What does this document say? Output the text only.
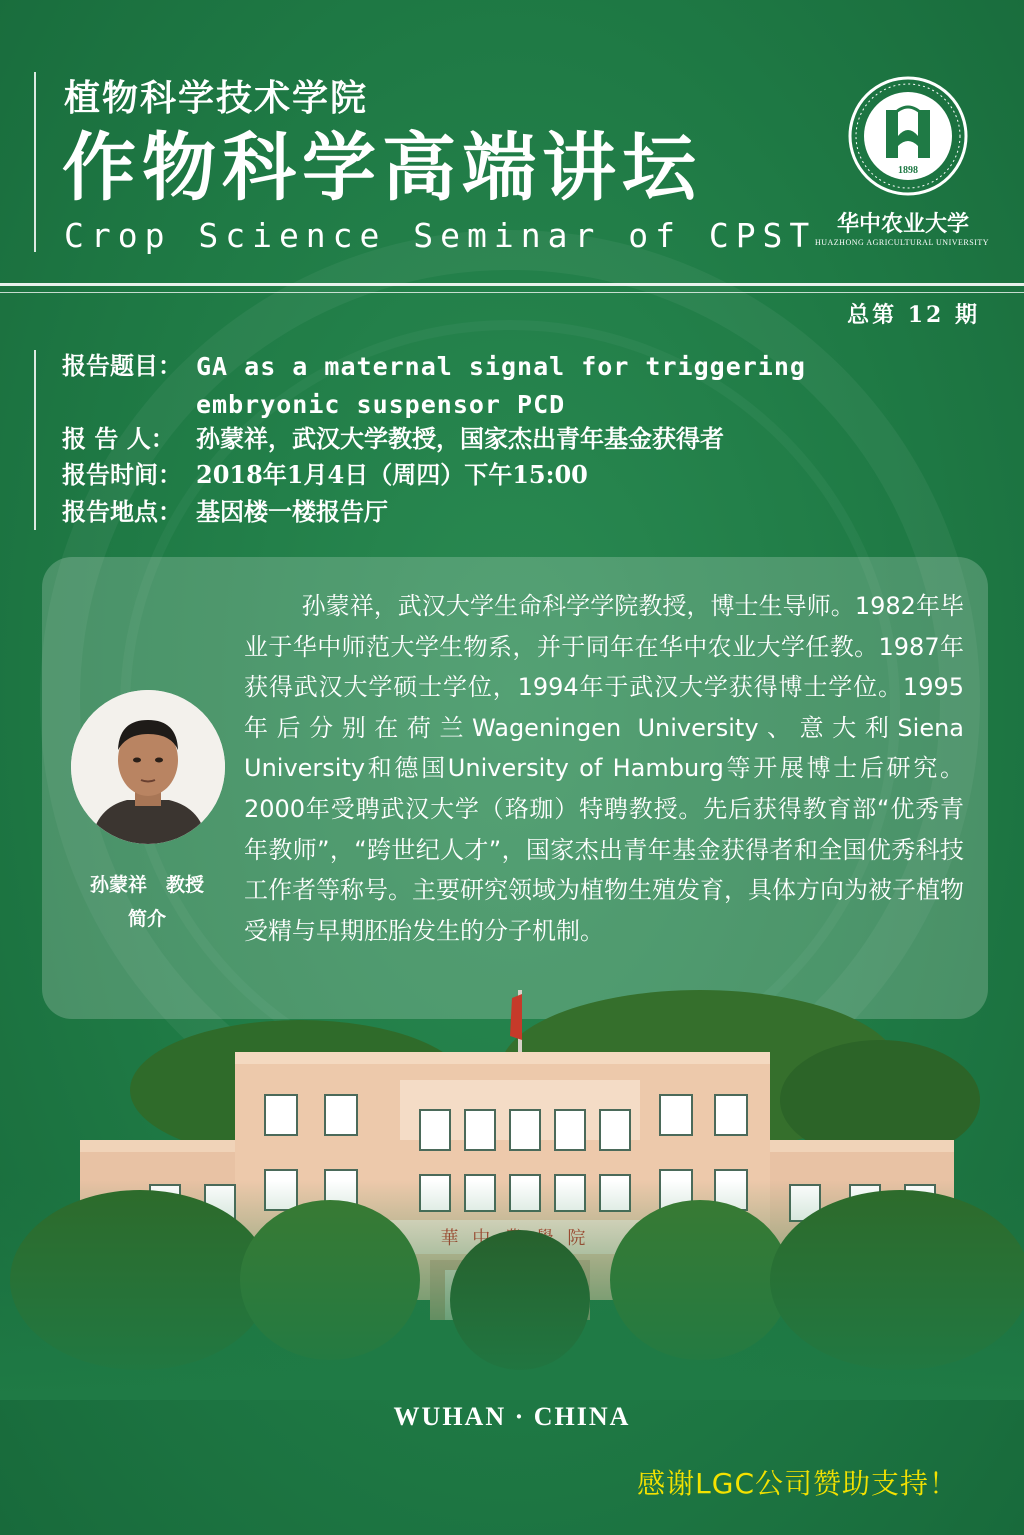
植物科学技术学院
作物科学高端讲坛
Crop Science Seminar of CPST
1898
华中农业大学
HUAZHONG AGRICULTURAL UNIVERSITY
总第 12 期
报告题目： GA as a maternal signal for triggering embryonic suspensor PCD
报 告 人： 孙蒙祥，武汉大学教授，国家杰出青年基金获得者
报告时间： 2018年1月4日（周四）下午15:00
报告地点： 基因楼一楼报告厅
孙蒙祥　教授
简介
孙蒙祥，武汉大学生命科学学院教授，博士生导师。1982年毕业于华中师范大学生物系，并于同年在华中农业大学任教。1987年获得武汉大学硕士学位，1994年于武汉大学获得博士学位。1995年后分别在荷兰Wageningen University、意大利Siena University和德国University of Hamburg等开展博士后研究。2000年受聘武汉大学（珞珈）特聘教授。先后获得教育部“优秀青年教师”，“跨世纪人才”，国家杰出青年基金获得者和全国优秀科技工作者等称号。主要研究领域为植物生殖发育，具体方向为被子植物受精与早期胚胎发生的分子机制。
WUHAN · CHINA
感谢LGC公司赞助支持！
